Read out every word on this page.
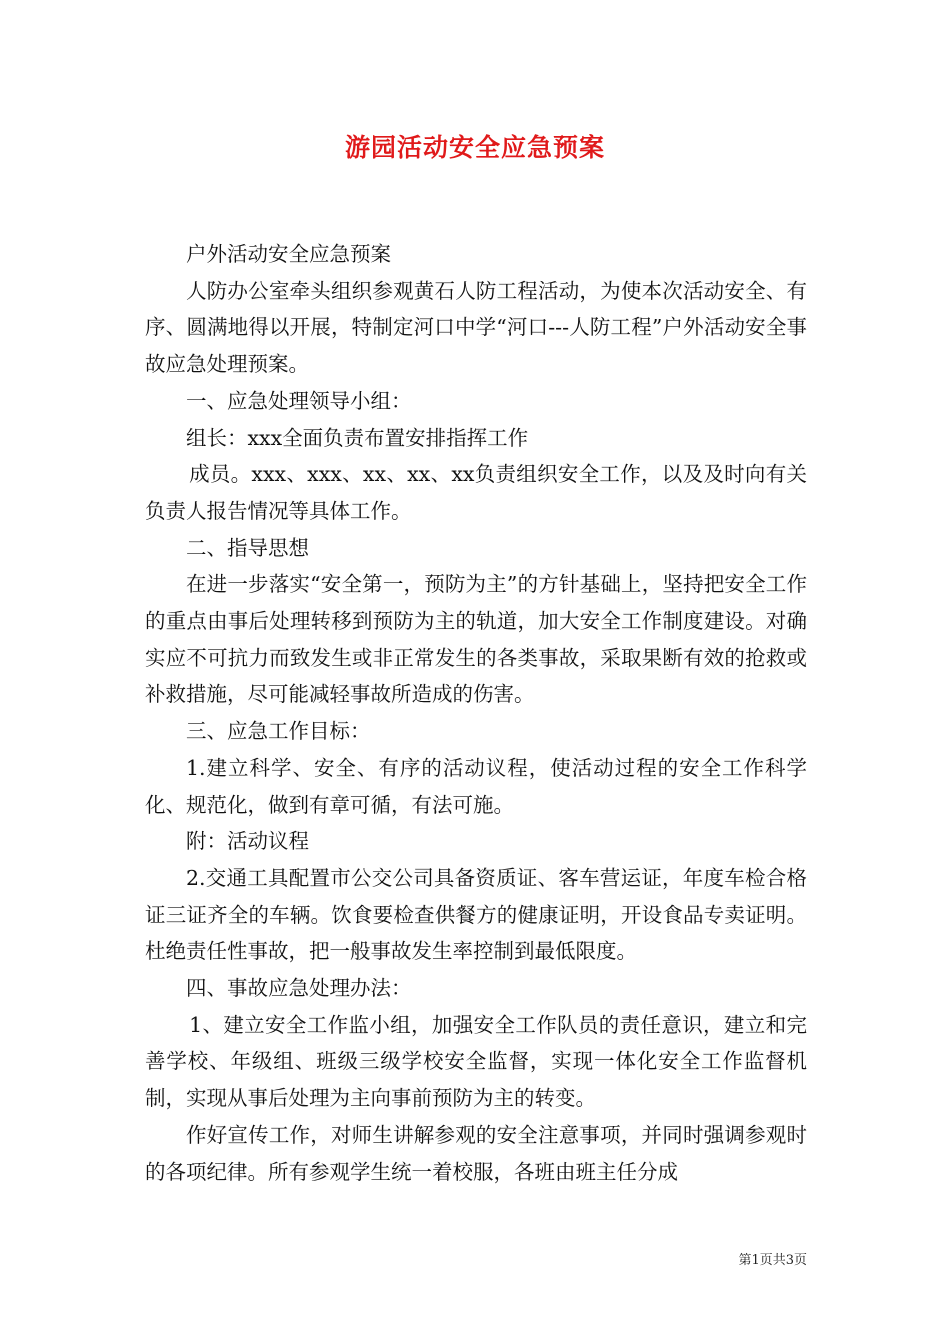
游园活动安全应急预案

户外活动安全应急预案

人防办公室牵头组织参观黄石人防工程活动，为使本次活动安全、有序、圆满地得以开展，特制定河口中学“河口---人防工程”户外活动安全事故应急处理预案。

一、应急处理领导小组：

组长：xxx全面负责布置安排指挥工作

成员。xxx、xxx、xx、xx、xx负责组织安全工作，以及及时向有关负责人报告情况等具体工作。

二、指导思想

在进一步落实“安全第一，预防为主”的方针基础上，坚持把安全工作的重点由事后处理转移到预防为主的轨道，加大安全工作制度建设。对确实应不可抗力而致发生或非正常发生的各类事故，采取果断有效的抢救或补救措施，尽可能减轻事故所造成的伤害。

三、应急工作目标：

1.建立科学、安全、有序的活动议程，使活动过程的安全工作科学化、规范化，做到有章可循，有法可施。

附：活动议程

2.交通工具配置市公交公司具备资质证、客车营运证，年度车检合格证三证齐全的车辆。饮食要检查供餐方的健康证明，开设食品专卖证明。杜绝责任性事故，把一般事故发生率控制到最低限度。

四、事故应急处理办法：

1、建立安全工作监小组，加强安全工作队员的责任意识，建立和完善学校、年级组、班级三级学校安全监督，实现一体化安全工作监督机制，实现从事后处理为主向事前预防为主的转变。

作好宣传工作，对师生讲解参观的安全注意事项，并同时强调参观时的各项纪律。所有参观学生统一着校服，各班由班主任分成

第1页共3页
